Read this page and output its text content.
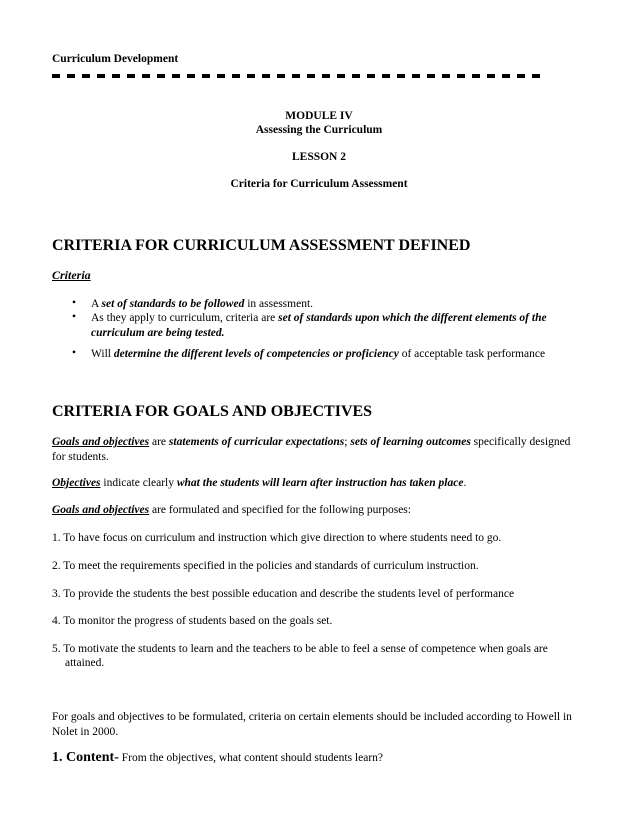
Curriculum Development
MODULE IV
Assessing the Curriculum
LESSON 2
Criteria for Curriculum Assessment
CRITERIA FOR CURRICULUM ASSESSMENT DEFINED
Criteria
• A set of standards to be followed in assessment.
• As they apply to curriculum, criteria are set of standards upon which the different elements of the
curriculum are being tested.
• Will determine the different levels of competencies or proficiency of acceptable task performance
CRITERIA FOR GOALS AND OBJECTIVES
Goals and objectives are statements of curricular expectations; sets of learning outcomes specifically designed
for students.
Objectives indicate clearly what the students will learn after instruction has taken place.
Goals and objectives are formulated and specified for the following purposes:
1. To have focus on curriculum and instruction which give direction to where students need to go.
2. To meet the requirements specified in the policies and standards of curriculum instruction.
3. To provide the students the best possible education and describe the students level of performance
4. To monitor the progress of students based on the goals set.
5. To motivate the students to learn and the teachers to be able to feel a sense of competence when goals are
attained.
For goals and objectives to be formulated, criteria on certain elements should be included according to Howell in
Nolet in 2000.
1. Content- From the objectives, what content should students learn?
